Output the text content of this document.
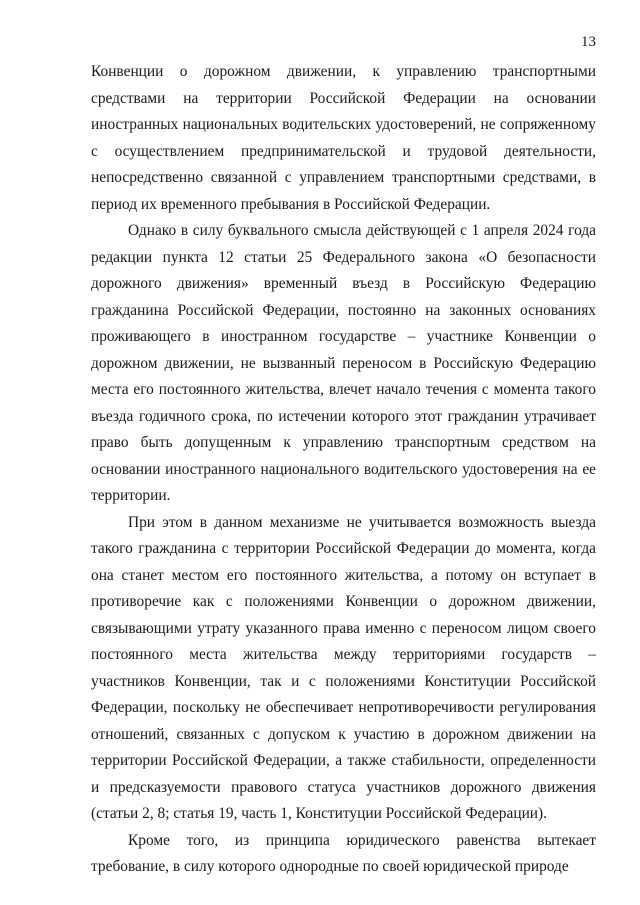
13

Конвенции о дорожном движении, к управлению транспортными средствами на территории Российской Федерации на основании иностранных национальных водительских удостоверений, не сопряженному с осуществлением предпринимательской и трудовой деятельности, непосредственно связанной с управлением транспортными средствами, в период их временного пребывания в Российской Федерации.

Однако в силу буквального смысла действующей с 1 апреля 2024 года редакции пункта 12 статьи 25 Федерального закона «О безопасности дорожного движения» временный въезд в Российскую Федерацию гражданина Российской Федерации, постоянно на законных основаниях проживающего в иностранном государстве – участнике Конвенции о дорожном движении, не вызванный переносом в Российскую Федерацию места его постоянного жительства, влечет начало течения с момента такого въезда годичного срока, по истечении которого этот гражданин утрачивает право быть допущенным к управлению транспортным средством на основании иностранного национального водительского удостоверения на ее территории.

При этом в данном механизме не учитывается возможность выезда такого гражданина с территории Российской Федерации до момента, когда она станет местом его постоянного жительства, а потому он вступает в противоречие как с положениями Конвенции о дорожном движении, связывающими утрату указанного права именно с переносом лицом своего постоянного места жительства между территориями государств – участников Конвенции, так и с положениями Конституции Российской Федерации, поскольку не обеспечивает непротиворечивости регулирования отношений, связанных с допуском к участию в дорожном движении на территории Российской Федерации, а также стабильности, определенности и предсказуемости правового статуса участников дорожного движения (статьи 2, 8; статья 19, часть 1, Конституции Российской Федерации).

Кроме того, из принципа юридического равенства вытекает требование, в силу которого однородные по своей юридической природе
